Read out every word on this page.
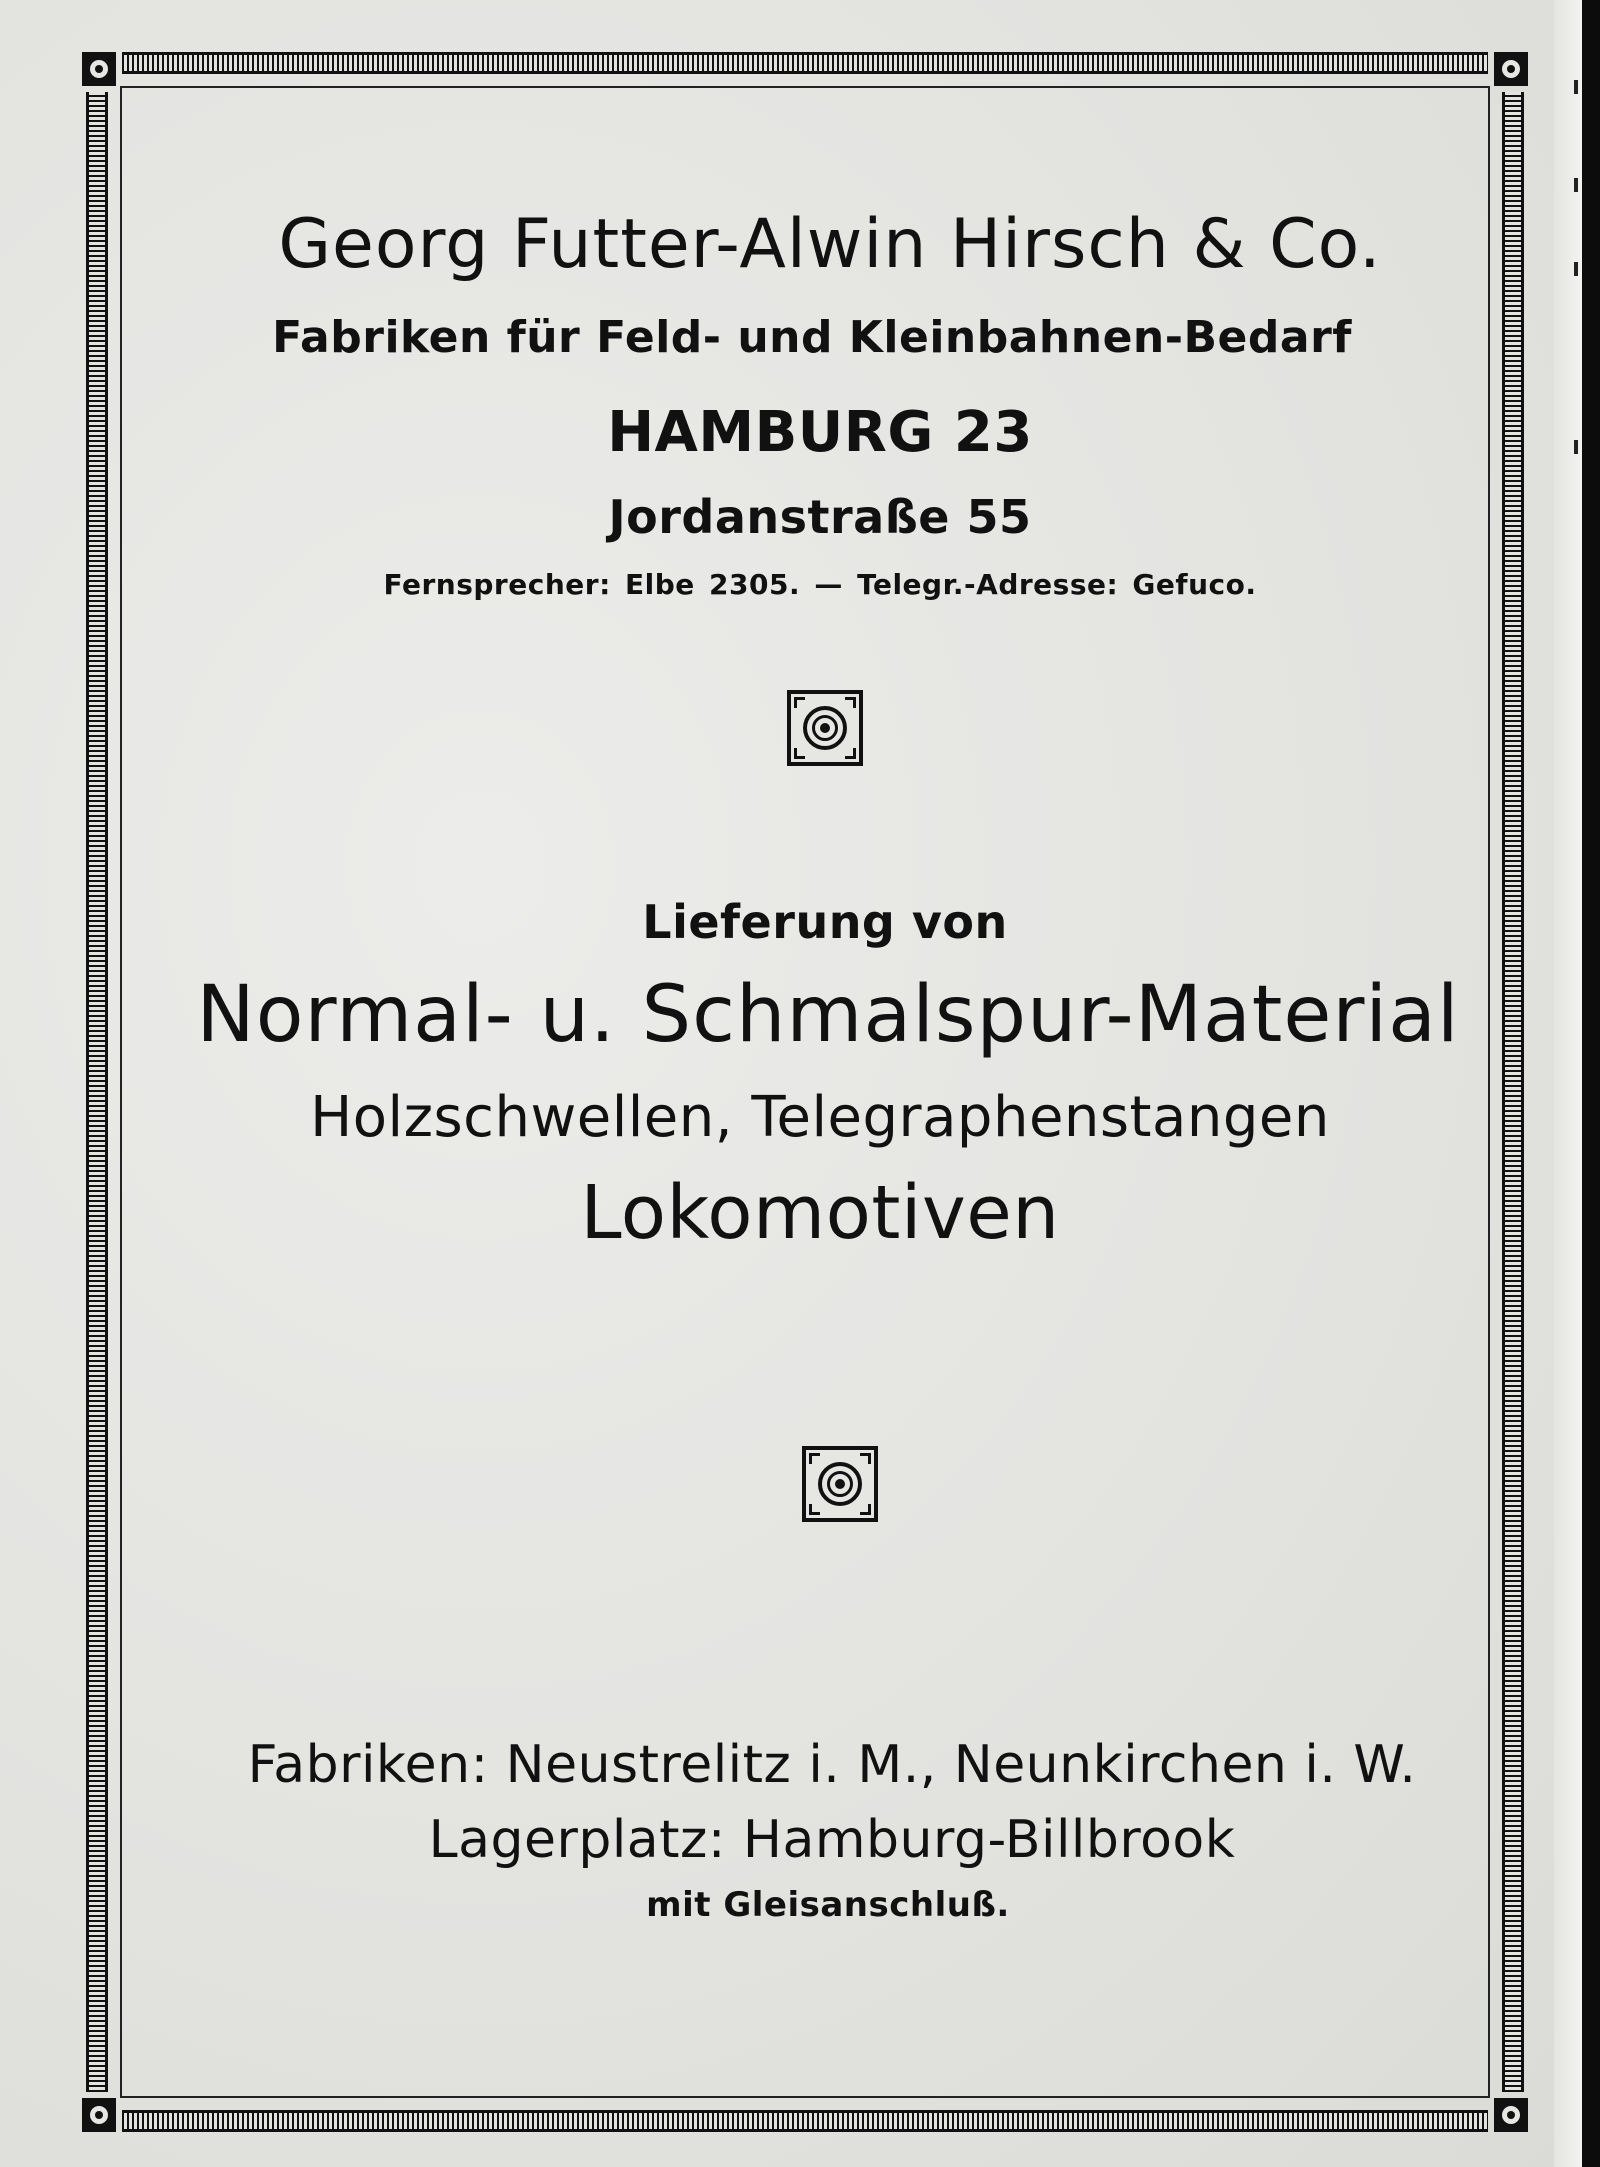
Georg Futter-Alwin Hirsch & Co.
Fabriken für Feld- und Kleinbahnen-Bedarf
HAMBURG 23
Jordanstraße 55
Fernsprecher: Elbe 2305. — Telegr.-Adresse: Gefuco.
Lieferung von
Normal- u. Schmalspur-Material
Holzschwellen, Telegraphenstangen
Lokomotiven
Fabriken: Neustrelitz i. M., Neunkirchen i. W.
Lagerplatz: Hamburg-Billbrook
mit Gleisanschluß.
